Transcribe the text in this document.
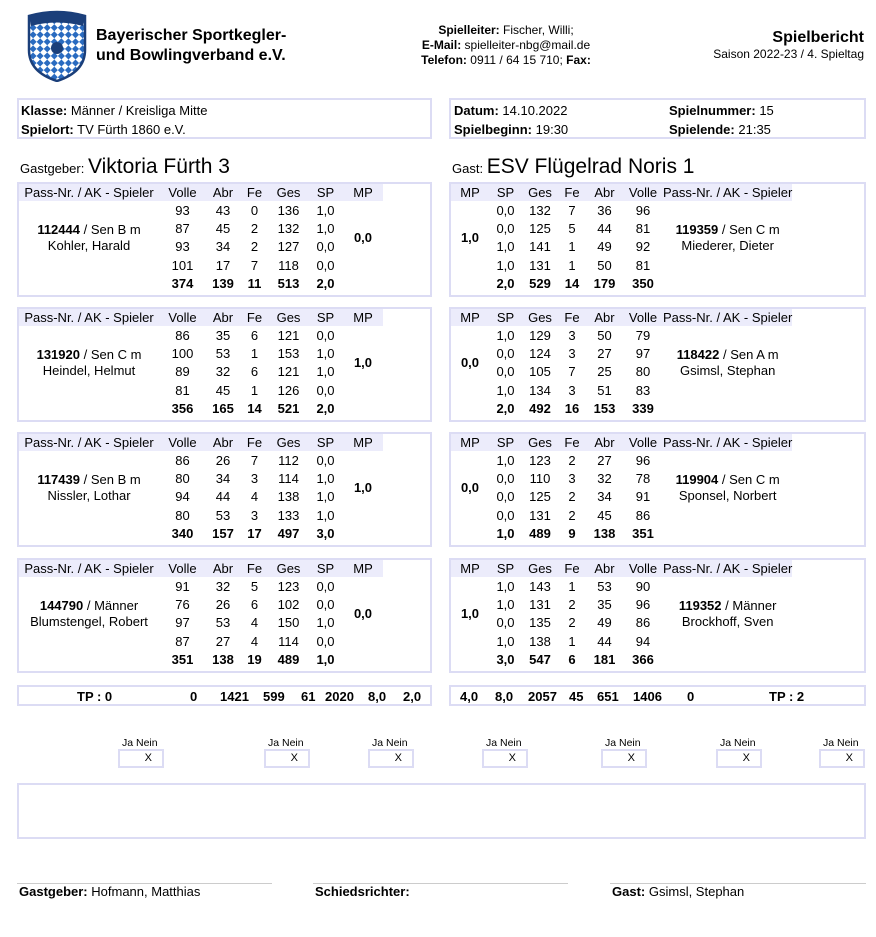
Bayerischer Sportkegler-
und Bowlingverband e.V.
Spielleiter: Fischer, Willi;
E-Mail: spielleiter-nbg@mail.de
Telefon: 0911 / 64 15 710; Fax:
Spielbericht
Saison 2022-23 / 4. Spieltag
Klasse: Männer / Kreisliga Mitte
Spielort: TV Fürth 1860 e.V.
Datum: 14.10.2022
Spielbeginn: 19:30
Spielnummer: 15
Spielende: 21:35
Gastgeber: Viktoria Fürth 3	Gast: ESV Flügelrad Noris 1
Pass-Nr. / AK - Spieler	Volle	Abr	Fe	Ges	SP	MP

112444 / Sen B m
Kohler, Harald	93	43	0	136	1,0	0,0
	87	45	2	132	1,0	
	93	34	2	127	0,0	
	101	17	7	118	0,0	
	374	139	11	513	2,0	
MP	SP	Ges	Fe	Abr	Volle	Pass-Nr. / AK - Spieler
1,0	0,0	132	7	36	96	119359 / Sen C m
Miederer, Dieter

	0,0	125	5	44	81	
	1,0	141	1	49	92	
	1,0	131	1	50	81	
	2,0	529	14	179	350	
Pass-Nr. / AK - Spieler	Volle	Abr	Fe	Ges	SP	MP

131920 / Sen C m
Heindel, Helmut	86	35	6	121	0,0	1,0
	100	53	1	153	1,0	
	89	32	6	121	1,0	
	81	45	1	126	0,0	
	356	165	14	521	2,0	
MP	SP	Ges	Fe	Abr	Volle	Pass-Nr. / AK - Spieler
0,0	1,0	129	3	50	79	118422 / Sen A m
Gsimsl, Stephan

	0,0	124	3	27	97	
	0,0	105	7	25	80	
	1,0	134	3	51	83	
	2,0	492	16	153	339	
Pass-Nr. / AK - Spieler	Volle	Abr	Fe	Ges	SP	MP

117439 / Sen B m
Nissler, Lothar	86	26	7	112	0,0	1,0
	80	34	3	114	1,0	
	94	44	4	138	1,0	
	80	53	3	133	1,0	
	340	157	17	497	3,0	
MP	SP	Ges	Fe	Abr	Volle	Pass-Nr. / AK - Spieler
0,0	1,0	123	2	27	96	119904 / Sen C m
Sponsel, Norbert

	0,0	110	3	32	78	
	0,0	125	2	34	91	
	0,0	131	2	45	86	
	1,0	489	9	138	351	
Pass-Nr. / AK - Spieler	Volle	Abr	Fe	Ges	SP	MP

144790 / Männer
Blumstengel, Robert	91	32	5	123	0,0	0,0
	76	26	6	102	0,0	
	97	53	4	150	1,0	
	87	27	4	114	0,0	
	351	138	19	489	1,0	
MP	SP	Ges	Fe	Abr	Volle	Pass-Nr. / AK - Spieler
1,0	1,0	143	1	53	90	119352 / Männer
Brockhoff, Sven

	1,0	131	2	35	96	
	0,0	135	2	49	86	
	1,0	138	1	44	94	
	3,0	547	6	181	366	
TP : 0	0 1421 599 61 2020 8,0 2,0	4,0 8,0 2057 45 651 1406 0	TP : 2
Ja Nein
X
Ja Nein
X
Ja Nein
X
Ja Nein
X
Ja Nein
X
Ja Nein
X
Ja Nein
X
Gastgeber: Hofmann, Matthias	Schiedsrichter:	Gast: Gsimsl, Stephan
